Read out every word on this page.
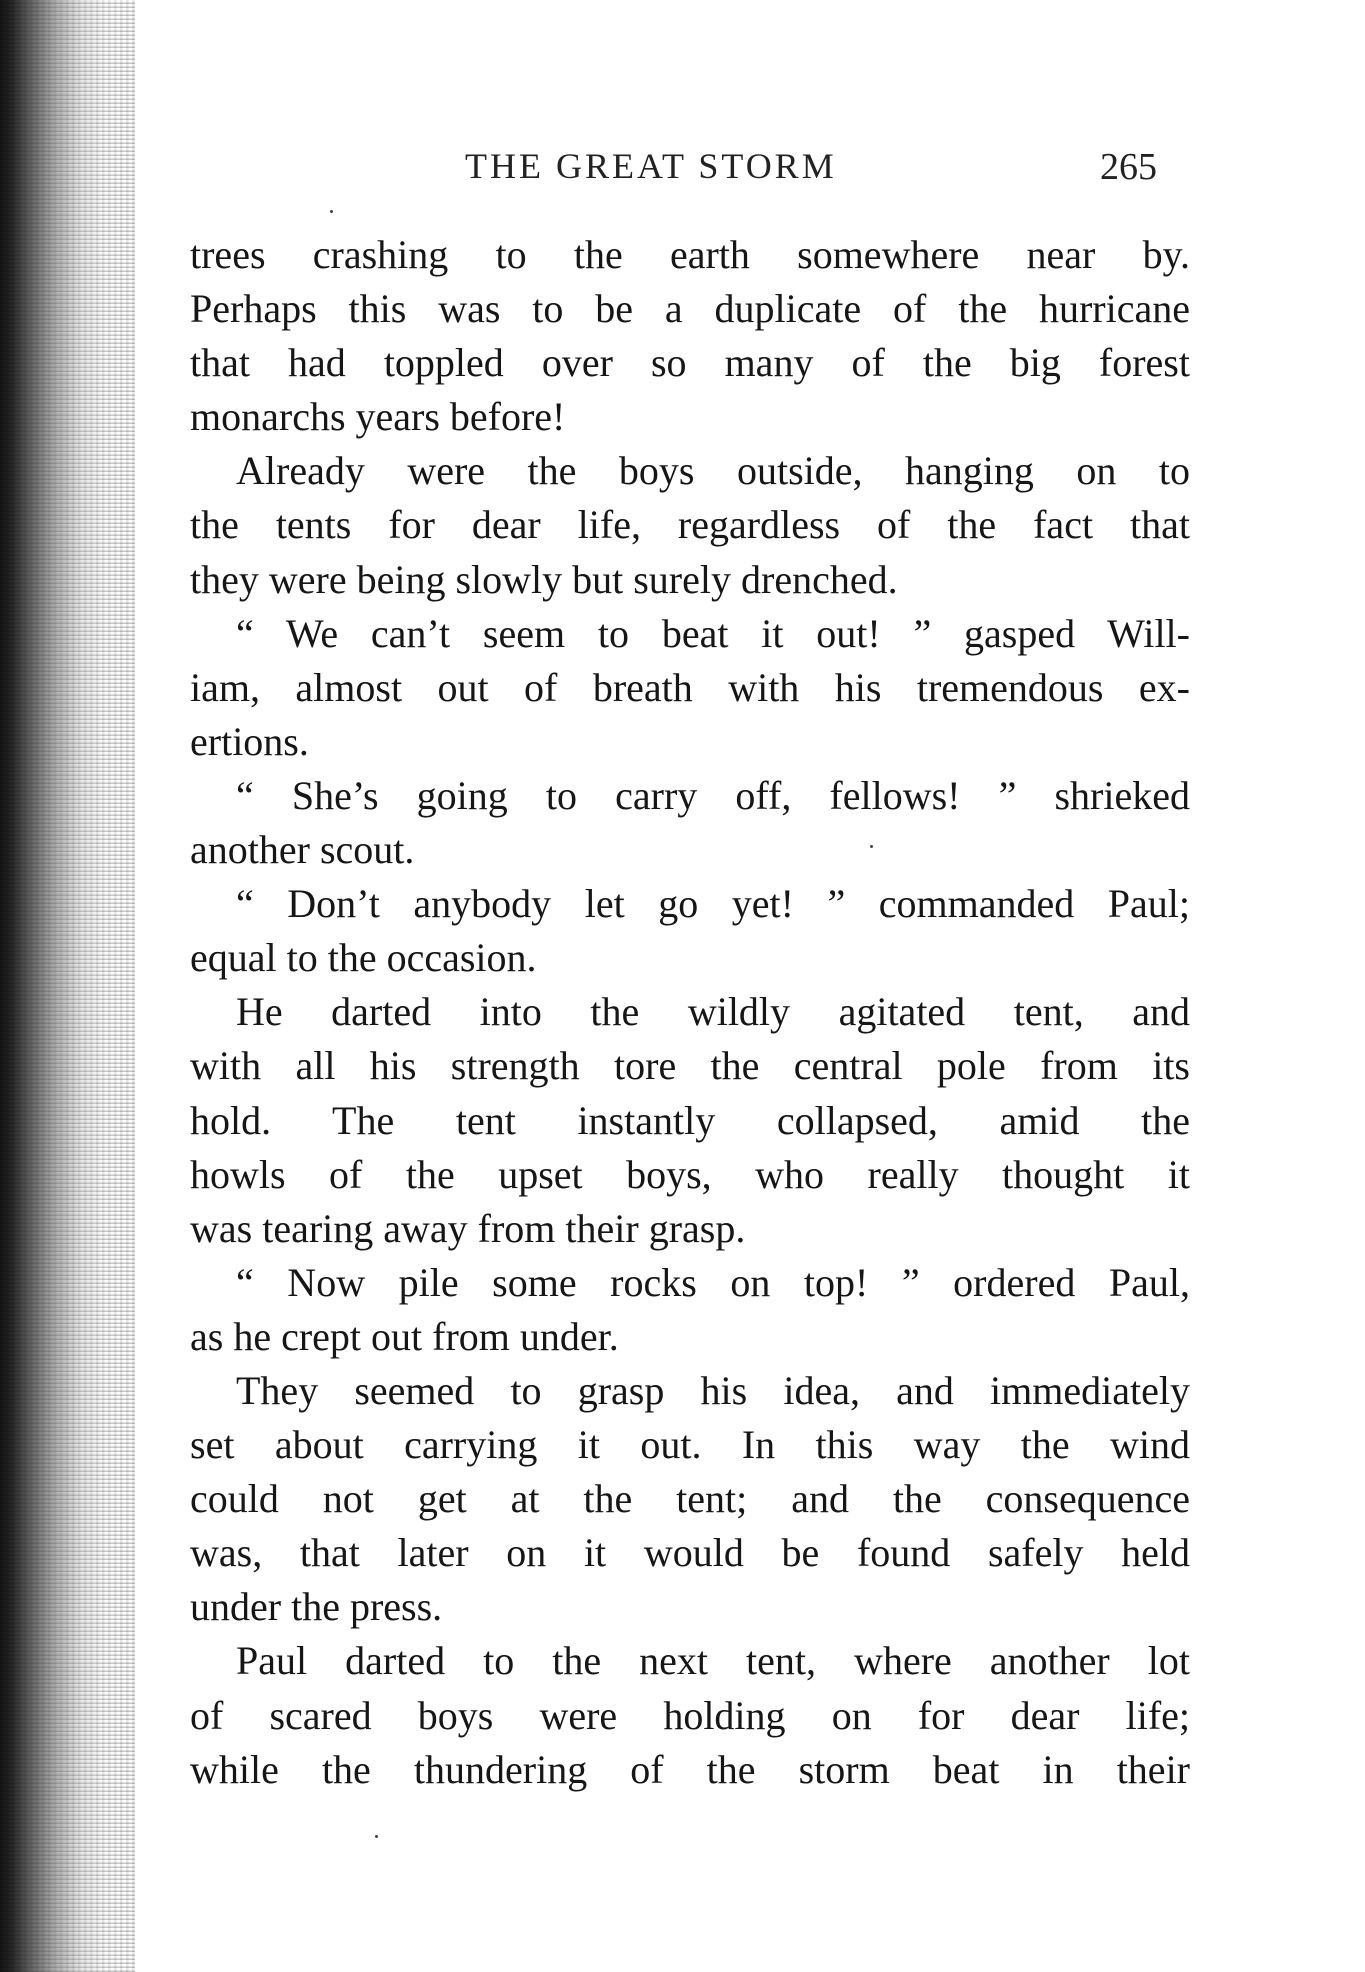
THE GREAT STORM	265
trees crashing to the earth somewhere near by.
Perhaps this was to be a duplicate of the hurricane
that had toppled over so many of the big forest
monarchs years before!
Already were the boys outside, hanging on to
the tents for dear life, regardless of the fact that
they were being slowly but surely drenched.
“ We can’t seem to beat it out! ” gasped Will-
iam, almost out of breath with his tremendous ex-
ertions.
“ She’s going to carry off, fellows! ” shrieked
another scout.
“ Don’t anybody let go yet! ” commanded Paul;
equal to the occasion.
He darted into the wildly agitated tent, and
with all his strength tore the central pole from its
hold. The tent instantly collapsed, amid the
howls of the upset boys, who really thought it
was tearing away from their grasp.
“ Now pile some rocks on top! ” ordered Paul,
as he crept out from under.
They seemed to grasp his idea, and immediately
set about carrying it out. In this way the wind
could not get at the tent; and the consequence
was, that later on it would be found safely held
under the press.
Paul darted to the next tent, where another lot
of scared boys were holding on for dear life;
while the thundering of the storm beat in their
